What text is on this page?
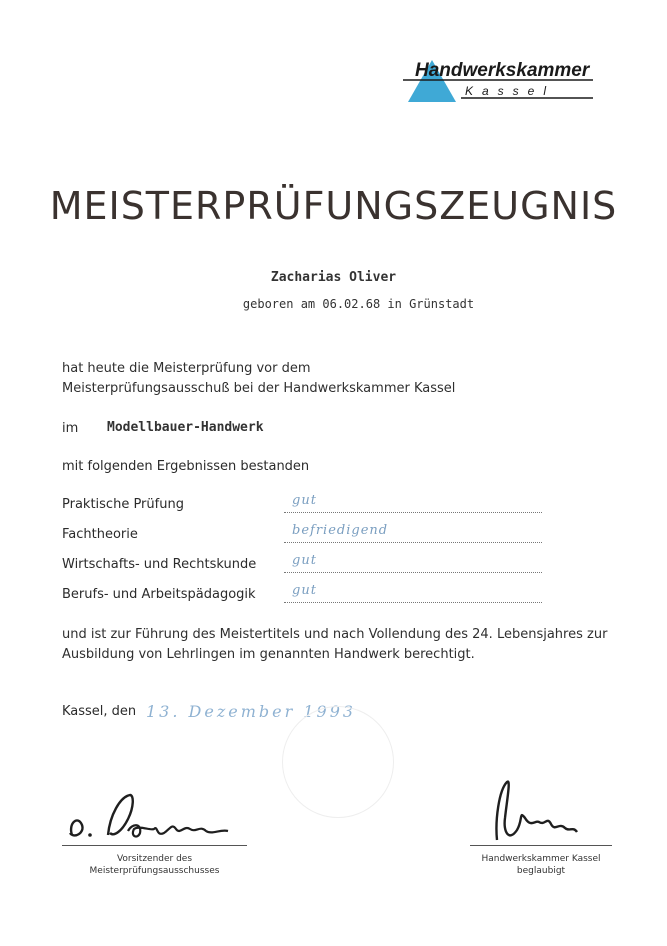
Handwerkskammer
Kassel
MEISTERPRÜFUNGSZEUGNIS
Zacharias Oliver
geboren am 06.02.68 in Grünstadt
hat heute die Meisterprüfung vor dem
Meisterprüfungsausschuß bei der Handwerkskammer Kassel
im Modellbauer-Handwerk
mit folgenden Ergebnissen bestanden
Praktische Prüfung	gut
Fachtheorie	befriedigend
Wirtschafts- und Rechtskunde	gut
Berufs- und Arbeitspädagogik	gut
und ist zur Führung des Meistertitels und nach Vollendung des 24. Lebensjahres zur
Ausbildung von Lehrlingen im genannten Handwerk berechtigt.
Kassel, den 13. Dezember 1993
Vorsitzender des
Meisterprüfungsausschusses
Handwerkskammer Kassel
beglaubigt
